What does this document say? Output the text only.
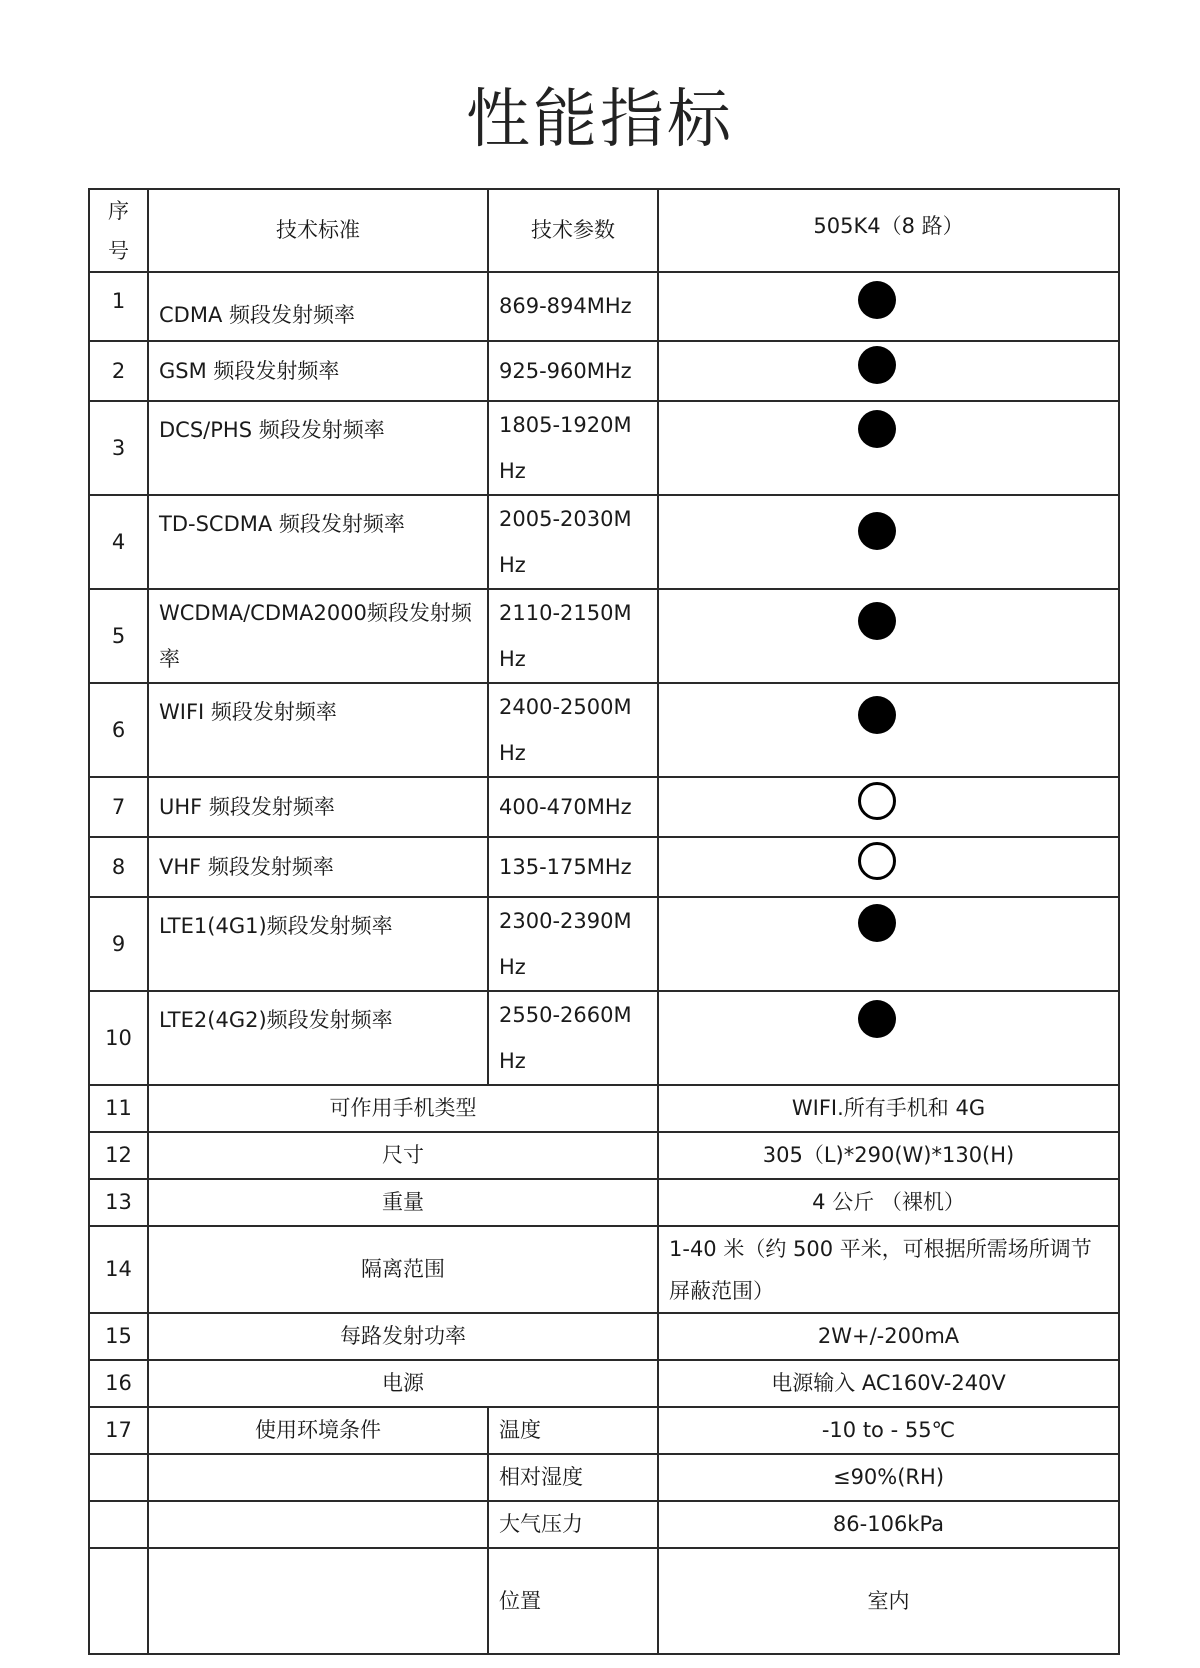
性能指标
序
号	技术标准	技术参数	505K4（8 路）
1	CDMA 频段发射频率	869-894MHz	
2	GSM 频段发射频率	925-960MHz	
3	DCS/PHS 频段发射频率	1805-1920MHz	
4	TD-SCDMA 频段发射频率	2005-2030MHz	
5	WCDMA/CDMA2000频段发射频率	2110-2150MHz	
6	WIFI 频段发射频率	2400-2500MHz	
7	UHF 频段发射频率	400-470MHz	
8	VHF 频段发射频率	135-175MHz	
9	LTE1(4G1)频段发射频率	2300-2390MHz	
10	LTE2(4G2)频段发射频率	2550-2660MHz	
11	可作用手机类型		WIFI.所有手机和 4G
12	尺寸		305（L)*290(W)*130(H)
13	重量		4 公斤 （裸机）
14	隔离范围		1-40 米（约 500 平米，可根据所需场所调节屏蔽范围）
15	每路发射功率		2W+/-200mA
16	电源		电源输入 AC160V-240V
17	使用环境条件	温度	-10 to - 55℃
		相对湿度	≤90%(RH)
		大气压力	86-106kPa
		位置	室内
